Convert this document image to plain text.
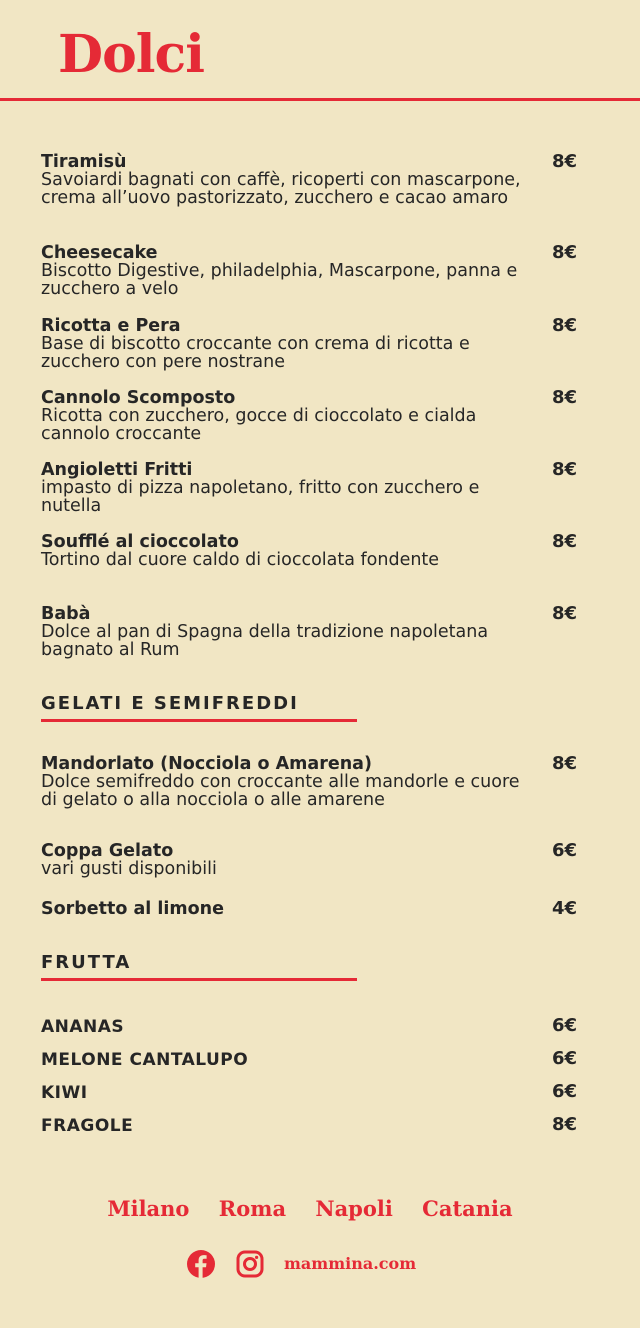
Dolci
Tiramisù
Savoiardi bagnati con caffè, ricoperti con mascarpone, crema all’uovo pastorizzato, zucchero e cacao amaro
8€
Cheesecake
Biscotto Digestive, philadelphia, Mascarpone, panna e zucchero a velo
8€
Ricotta e Pera
Base di biscotto croccante con crema di ricotta e zucchero con pere nostrane
8€
Cannolo Scomposto
Ricotta con zucchero, gocce di cioccolato e cialda cannolo croccante
8€
Angioletti Fritti
impasto di pizza napoletano, fritto con zucchero e nutella
8€
Soufflé al cioccolato
Tortino dal cuore caldo di cioccolata fondente
8€
Babà
Dolce al pan di Spagna della tradizione napoletana bagnato al Rum
8€
GELATI E SEMIFREDDI
Mandorlato (Nocciola o Amarena)
Dolce semifreddo con croccante alle mandorle e cuore di gelato o alla nocciola o alle amarene
8€
Coppa Gelato
vari gusti disponibili
6€
Sorbetto al limone	4€
FRUTTA
ANANAS	6€
MELONE CANTALUPO	6€
KIWI	6€
FRAGOLE	8€
Milano Roma Napoli Catania
mammina.com
